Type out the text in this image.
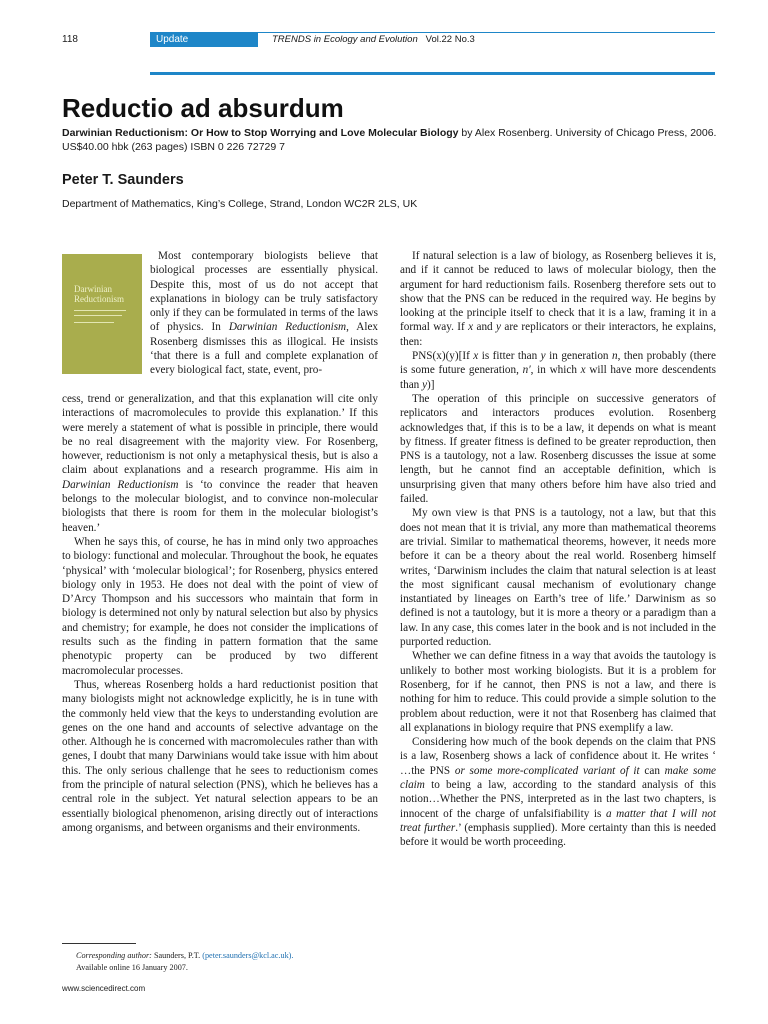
118	Update	TRENDS in Ecology and Evolution Vol.22 No.3
Reductio ad absurdum
Darwinian Reductionism: Or How to Stop Worrying and Love Molecular Biology by Alex Rosenberg. University of Chicago Press, 2006. US$40.00 hbk (263 pages) ISBN 0 226 72729 7
Peter T. Saunders
Department of Mathematics, King’s College, Strand, London WC2R 2LS, UK
Darwinian
Reductionism

Most contemporary biologists believe that biological processes are essentially physical. Despite this, most of us do not accept that explanations in biology can be truly satisfactory only if they can be formulated in terms of the laws of physics. In Darwinian Reductionism, Alex Rosenberg dismisses this as illogical. He insists ‘that there is a full and complete explanation of every biological fact, state, event, pro-

cess, trend or generalization, and that this explanation will cite only interactions of macromolecules to provide this explanation.’ If this were merely a statement of what is possible in principle, there would be no real disagreement with the majority view. For Rosenberg, however, reductionism is not only a metaphysical thesis, but is also a claim about explanations and a research programme. His aim in Darwinian Reductionism is ‘to convince the reader that heaven belongs to the molecular biologist, and to convince non-molecular biologists that there is room for them in the molecular biologist’s heaven.’

When he says this, of course, he has in mind only two approaches to biology: functional and molecular. Throughout the book, he equates ‘physical’ with ‘molecular biological’; for Rosenberg, physics entered biology only in 1953. He does not deal with the point of view of D’Arcy Thompson and his successors who maintain that form in biology is determined not only by natural selection but also by physics and chemistry; for example, he does not consider the implications of results such as the finding in pattern formation that the same phenotypic property can be produced by two different macromolecular processes.

Thus, whereas Rosenberg holds a hard reductionist position that many biologists might not acknowledge explicitly, he is in tune with the commonly held view that the keys to understanding evolution are genes on the one hand and accounts of selective advantage on the other. Although he is concerned with macromolecules rather than with genes, I doubt that many Darwinians would take issue with him about this. The only serious challenge that he sees to reductionism comes from the principle of natural selection (PNS), which he believes has a central role in the subject. Yet natural selection appears to be an essentially biological phenomenon, arising directly out of interactions among organisms, and between organisms and their environments.

If natural selection is a law of biology, as Rosenberg believes it is, and if it cannot be reduced to laws of molecular biology, then the argument for hard reductionism fails. Rosenberg therefore sets out to show that the PNS can be reduced in the required way. He begins by looking at the principle itself to check that it is a law, framing it in a formal way. If x and y are replicators or their interactors, he explains, then:

PNS(x)(y)[If x is fitter than y in generation n, then probably (there is some future generation, n′, in which x will have more descendents than y)]

The operation of this principle on successive generators of replicators and interactors produces evolution. Rosenberg acknowledges that, if this is to be a law, it depends on what is meant by fitness. If greater fitness is defined to be greater reproduction, then PNS is a tautology, not a law. Rosenberg discusses the issue at some length, but he cannot find an acceptable definition, which is unsurprising given that many others before him have also tried and failed.

My own view is that PNS is a tautology, not a law, but that this does not mean that it is trivial, any more than mathematical theorems are trivial. Similar to mathematical theorems, however, it needs more before it can be a theory about the real world. Rosenberg himself writes, ‘Darwinism includes the claim that natural selection is at least the most significant causal mechanism of evolutionary change instantiated by lineages on Earth’s tree of life.’ Darwinism as so defined is not a tautology, but it is more a theory or a paradigm than a law. In any case, this comes later in the book and is not included in the purported reduction.

Whether we can define fitness in a way that avoids the tautology is unlikely to bother most working biologists. But it is a problem for Rosenberg, for if he cannot, then PNS is not a law, and there is nothing for him to reduce. This could provide a simple solution to the problem about reduction, were it not that Rosenberg has claimed that all explanations in biology require that PNS exemplify a law.

Considering how much of the book depends on the claim that PNS is a law, Rosenberg shows a lack of confidence about it. He writes ‘ …the PNS or some more-complicated variant of it can make some claim to being a law, according to the standard analysis of this notion…Whether the PNS, interpreted as in the last two chapters, is innocent of the charge of unfalsifiability is a matter that I will not treat further.’ (emphasis supplied). More certainty than this is needed before it would be worth proceeding.

Corresponding author: Saunders, P.T. (peter.saunders@kcl.ac.uk).
Available online 16 January 2007.
www.sciencedirect.com
